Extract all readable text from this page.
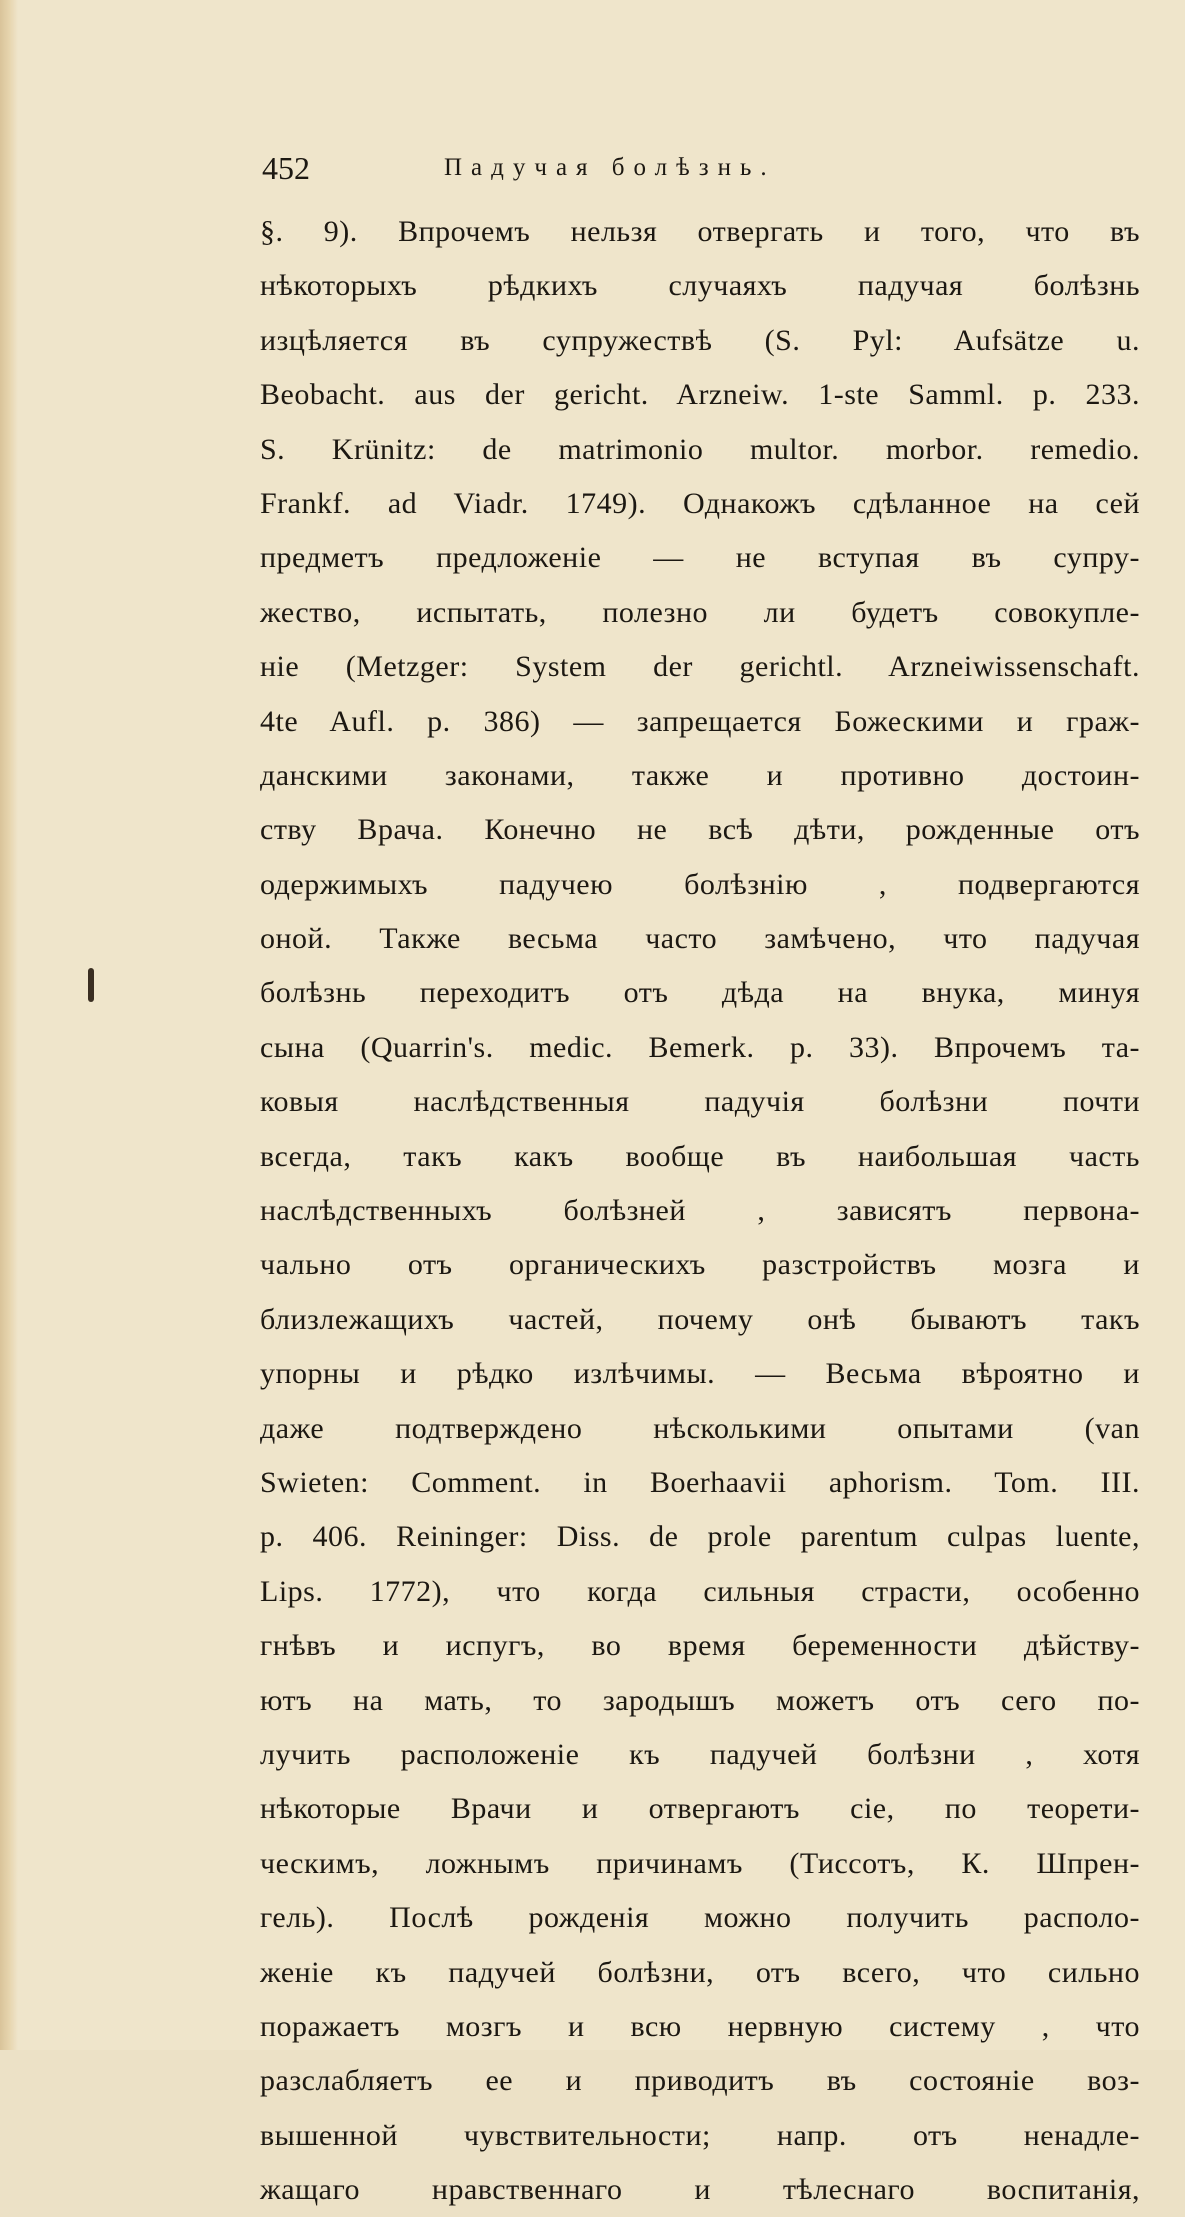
452	Падучая болѣзнь.
§. 9). Впрочемъ нельзя отвергать и того, что въ
нѣкоторыхъ рѣдкихъ случаяхъ падучая болѣзнь
изцѣляется въ супружествѣ (S. Pyl: Aufsätze u.
Beobacht. aus der gericht. Arzneiw. 1-ste Samml. p. 233.
S. Krünitz: de matrimonio multor. morbor. remedio.
Frankf. ad Viadr. 1749). Однакожъ сдѣланное на сей
предметъ предложеніе — не вступая въ супру-
жество, испытать, полезно ли будетъ совокупле-
ніе (Metzger: System der gerichtl. Arzneiwissenschaft.
4te Aufl. p. 386) — запрещается Божескими и граж-
данскими законами, также и противно достоин-
ству Врача. Конечно не всѣ дѣти, рожденные отъ
одержимыхъ падучею болѣзнію , подвергаются
оной. Также весьма часто замѣчено, что падучая
болѣзнь переходитъ отъ дѣда на внука, минуя
сына (Quarrin's. medic. Bemerk. p. 33). Впрочемъ та-
ковыя наслѣдственныя падучія болѣзни почти
всегда, такъ какъ вообще въ наибольшая часть
наслѣдственныхъ болѣзней , зависятъ первона-
чально отъ органическихъ разстройствъ мозга и
близлежащихъ частей, почему онѣ бываютъ такъ
упорны и рѣдко излѣчимы. — Весьма вѣроятно и
даже подтверждено нѣсколькими опытами (van
Swieten: Comment. in Boerhaavii aphorism. Tom. III.
p. 406. Reininger: Diss. de prole parentum culpas luente,
Lips. 1772), что когда сильныя страсти, особенно
гнѣвъ и испугъ, во время беременности дѣйству-
ютъ на мать, то зародышъ можетъ отъ сего по-
лучить расположеніе къ падучей болѣзни , хотя
нѣкоторые Врачи и отвергаютъ сіе, по теорети-
ческимъ, ложнымъ причинамъ (Тиссотъ, К. Шпрен-
гель). Послѣ рожденія можно получить располо-
женіе къ падучей болѣзни, отъ всего, что сильно
поражаетъ мозгъ и всю нервную систему , что
разслабляетъ ее и приводитъ въ состояніе воз-
вышенной чувствительности; напр. отъ ненадле-
жащаго нравственнаго и тѣлеснаго воспитанія,
